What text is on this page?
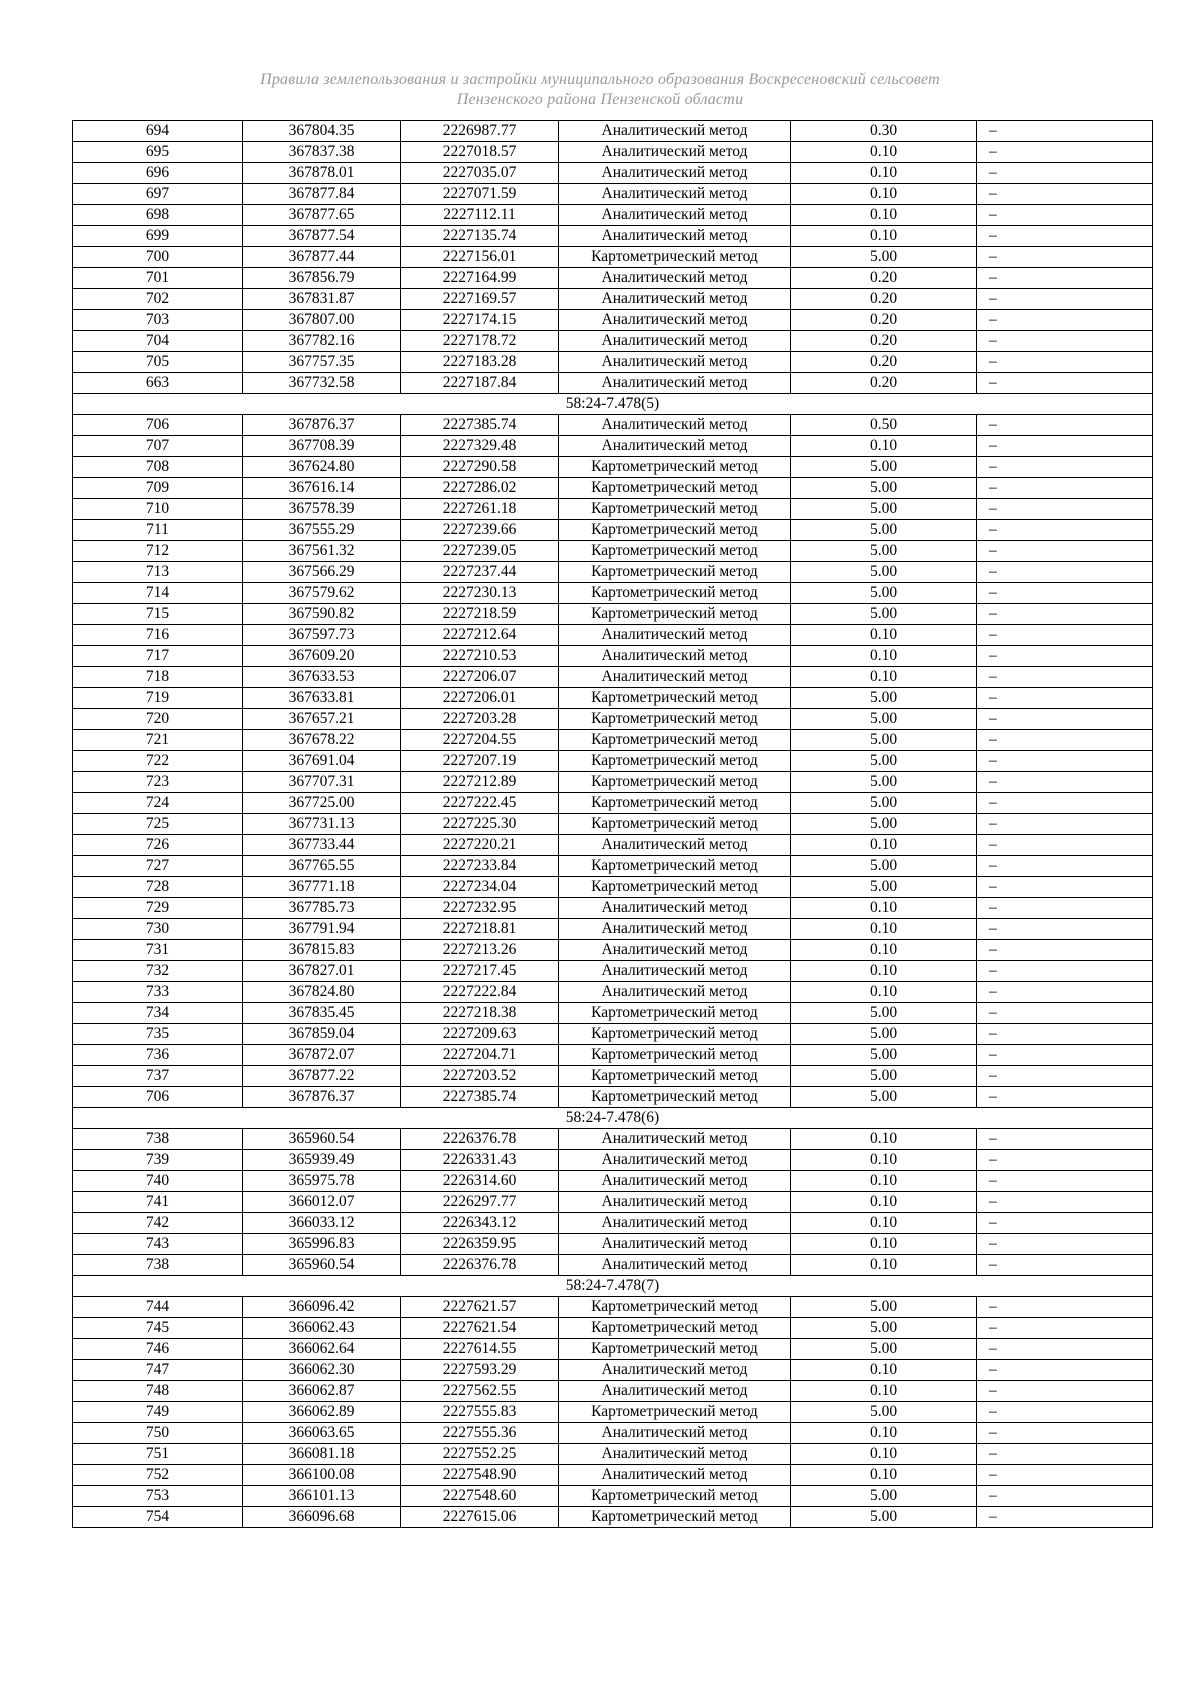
Правила землепользования и застройки муниципального образования Воскресеновский сельсовет
Пензенского района Пензенской области
694	367804.35	2226987.77	Аналитический метод	0.30	–
695	367837.38	2227018.57	Аналитический метод	0.10	–
696	367878.01	2227035.07	Аналитический метод	0.10	–
697	367877.84	2227071.59	Аналитический метод	0.10	–
698	367877.65	2227112.11	Аналитический метод	0.10	–
699	367877.54	2227135.74	Аналитический метод	0.10	–
700	367877.44	2227156.01	Картометрический метод	5.00	–
701	367856.79	2227164.99	Аналитический метод	0.20	–
702	367831.87	2227169.57	Аналитический метод	0.20	–
703	367807.00	2227174.15	Аналитический метод	0.20	–
704	367782.16	2227178.72	Аналитический метод	0.20	–
705	367757.35	2227183.28	Аналитический метод	0.20	–
663	367732.58	2227187.84	Аналитический метод	0.20	–
58:24-7.478(5)					
706	367876.37	2227385.74	Аналитический метод	0.50	–
707	367708.39	2227329.48	Аналитический метод	0.10	–
708	367624.80	2227290.58	Картометрический метод	5.00	–
709	367616.14	2227286.02	Картометрический метод	5.00	–
710	367578.39	2227261.18	Картометрический метод	5.00	–
711	367555.29	2227239.66	Картометрический метод	5.00	–
712	367561.32	2227239.05	Картометрический метод	5.00	–
713	367566.29	2227237.44	Картометрический метод	5.00	–
714	367579.62	2227230.13	Картометрический метод	5.00	–
715	367590.82	2227218.59	Картометрический метод	5.00	–
716	367597.73	2227212.64	Аналитический метод	0.10	–
717	367609.20	2227210.53	Аналитический метод	0.10	–
718	367633.53	2227206.07	Аналитический метод	0.10	–
719	367633.81	2227206.01	Картометрический метод	5.00	–
720	367657.21	2227203.28	Картометрический метод	5.00	–
721	367678.22	2227204.55	Картометрический метод	5.00	–
722	367691.04	2227207.19	Картометрический метод	5.00	–
723	367707.31	2227212.89	Картометрический метод	5.00	–
724	367725.00	2227222.45	Картометрический метод	5.00	–
725	367731.13	2227225.30	Картометрический метод	5.00	–
726	367733.44	2227220.21	Аналитический метод	0.10	–
727	367765.55	2227233.84	Картометрический метод	5.00	–
728	367771.18	2227234.04	Картометрический метод	5.00	–
729	367785.73	2227232.95	Аналитический метод	0.10	–
730	367791.94	2227218.81	Аналитический метод	0.10	–
731	367815.83	2227213.26	Аналитический метод	0.10	–
732	367827.01	2227217.45	Аналитический метод	0.10	–
733	367824.80	2227222.84	Аналитический метод	0.10	–
734	367835.45	2227218.38	Картометрический метод	5.00	–
735	367859.04	2227209.63	Картометрический метод	5.00	–
736	367872.07	2227204.71	Картометрический метод	5.00	–
737	367877.22	2227203.52	Картометрический метод	5.00	–
706	367876.37	2227385.74	Картометрический метод	5.00	–
58:24-7.478(6)					
738	365960.54	2226376.78	Аналитический метод	0.10	–
739	365939.49	2226331.43	Аналитический метод	0.10	–
740	365975.78	2226314.60	Аналитический метод	0.10	–
741	366012.07	2226297.77	Аналитический метод	0.10	–
742	366033.12	2226343.12	Аналитический метод	0.10	–
743	365996.83	2226359.95	Аналитический метод	0.10	–
738	365960.54	2226376.78	Аналитический метод	0.10	–
58:24-7.478(7)					
744	366096.42	2227621.57	Картометрический метод	5.00	–
745	366062.43	2227621.54	Картометрический метод	5.00	–
746	366062.64	2227614.55	Картометрический метод	5.00	–
747	366062.30	2227593.29	Аналитический метод	0.10	–
748	366062.87	2227562.55	Аналитический метод	0.10	–
749	366062.89	2227555.83	Картометрический метод	5.00	–
750	366063.65	2227555.36	Аналитический метод	0.10	–
751	366081.18	2227552.25	Аналитический метод	0.10	–
752	366100.08	2227548.90	Аналитический метод	0.10	–
753	366101.13	2227548.60	Картометрический метод	5.00	–
754	366096.68	2227615.06	Картометрический метод	5.00	–
